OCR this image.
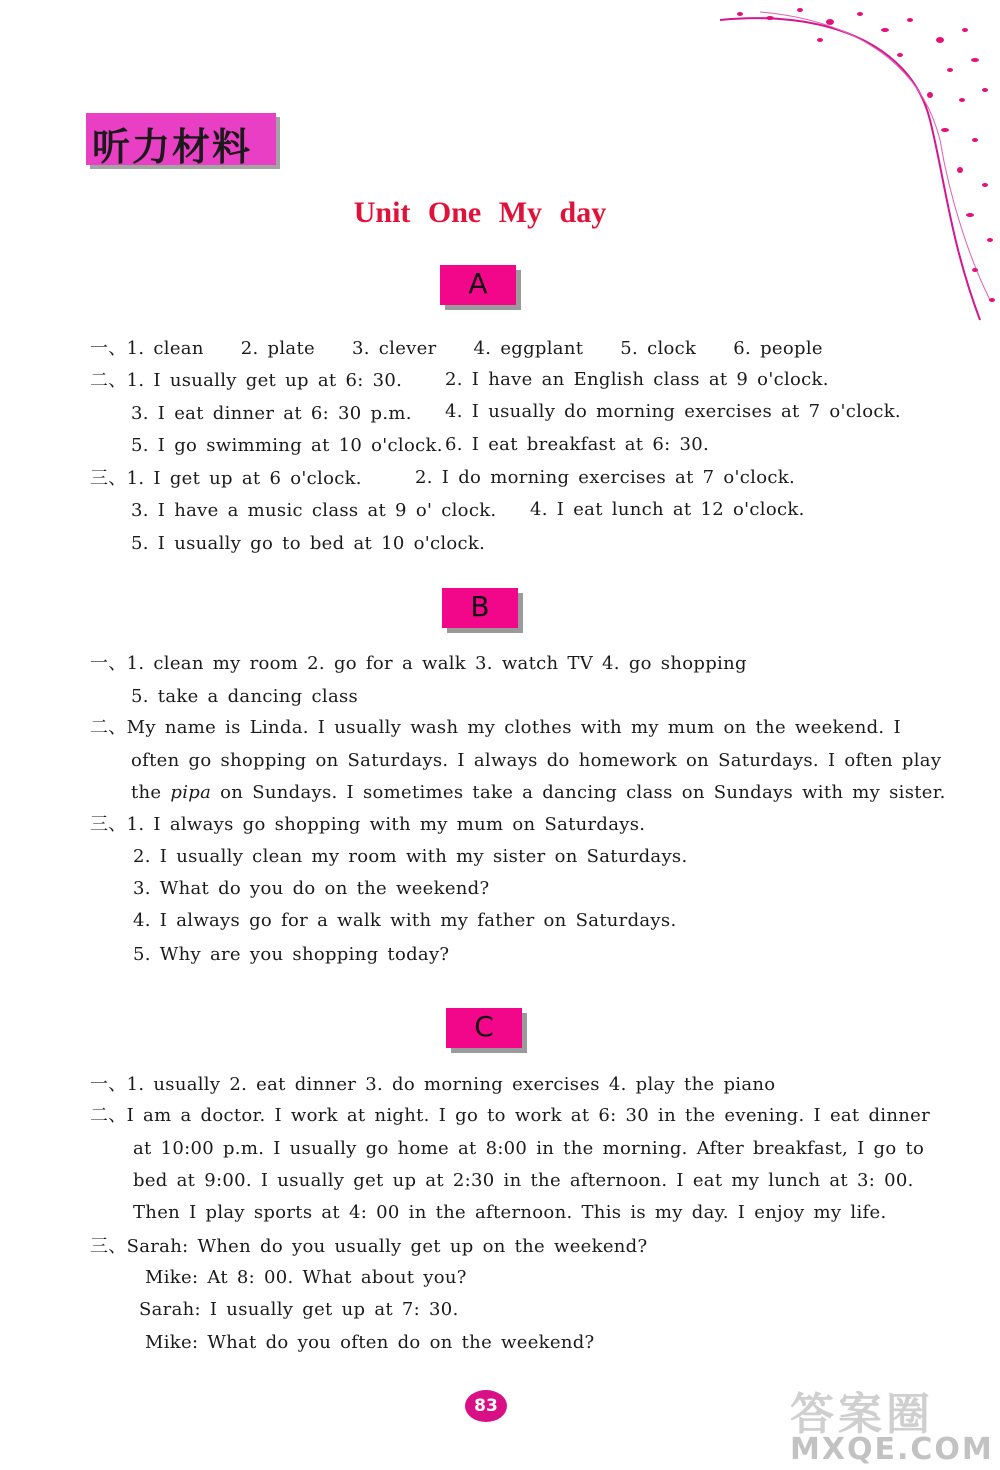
听力材料
Unit One My day
A
一、1. clean 2. plate 3. clever 4. eggplant 5. clock 6. people
二、1. I usually get up at 6: 30. 2. I have an English class at 9 o'clock.
3. I eat dinner at 6: 30 p.m. 4. I usually do morning exercises at 7 o'clock.
5. I go swimming at 10 o'clock. 6. I eat breakfast at 6: 30.
三、1. I get up at 6 o'clock.	2. I do morning exercises at 7 o'clock.
3. I have a music class at 9 o' clock. 4. I eat lunch at 12 o'clock.
5. I usually go to bed at 10 o'clock.
B
一、1. clean my room 2. go for a walk 3. watch TV 4. go shopping
5. take a dancing class
二、My name is Linda. I usually wash my clothes with my mum on the weekend. I
often go shopping on Saturdays. I always do homework on Saturdays. I often play
the pipa on Sundays. I sometimes take a dancing class on Sundays with my sister.
三、1. I always go shopping with my mum on Saturdays.
2. I usually clean my room with my sister on Saturdays.
3. What do you do on the weekend?
4. I always go for a walk with my father on Saturdays.
5. Why are you shopping today?
C
一、1. usually 2. eat dinner 3. do morning exercises 4. play the piano
二、I am a doctor. I work at night. I go to work at 6: 30 in the evening. I eat dinner
at 10:00 p.m. I usually go home at 8:00 in the morning. After breakfast, I go to
bed at 9:00. I usually get up at 2:30 in the afternoon. I eat my lunch at 3: 00.
Then I play sports at 4: 00 in the afternoon. This is my day. I enjoy my life.
三、Sarah: When do you usually get up on the weekend?
Mike: At 8: 00. What about you?
Sarah: I usually get up at 7: 30.
Mike: What do you often do on the weekend?
83	答案圈
MXQE.COM
